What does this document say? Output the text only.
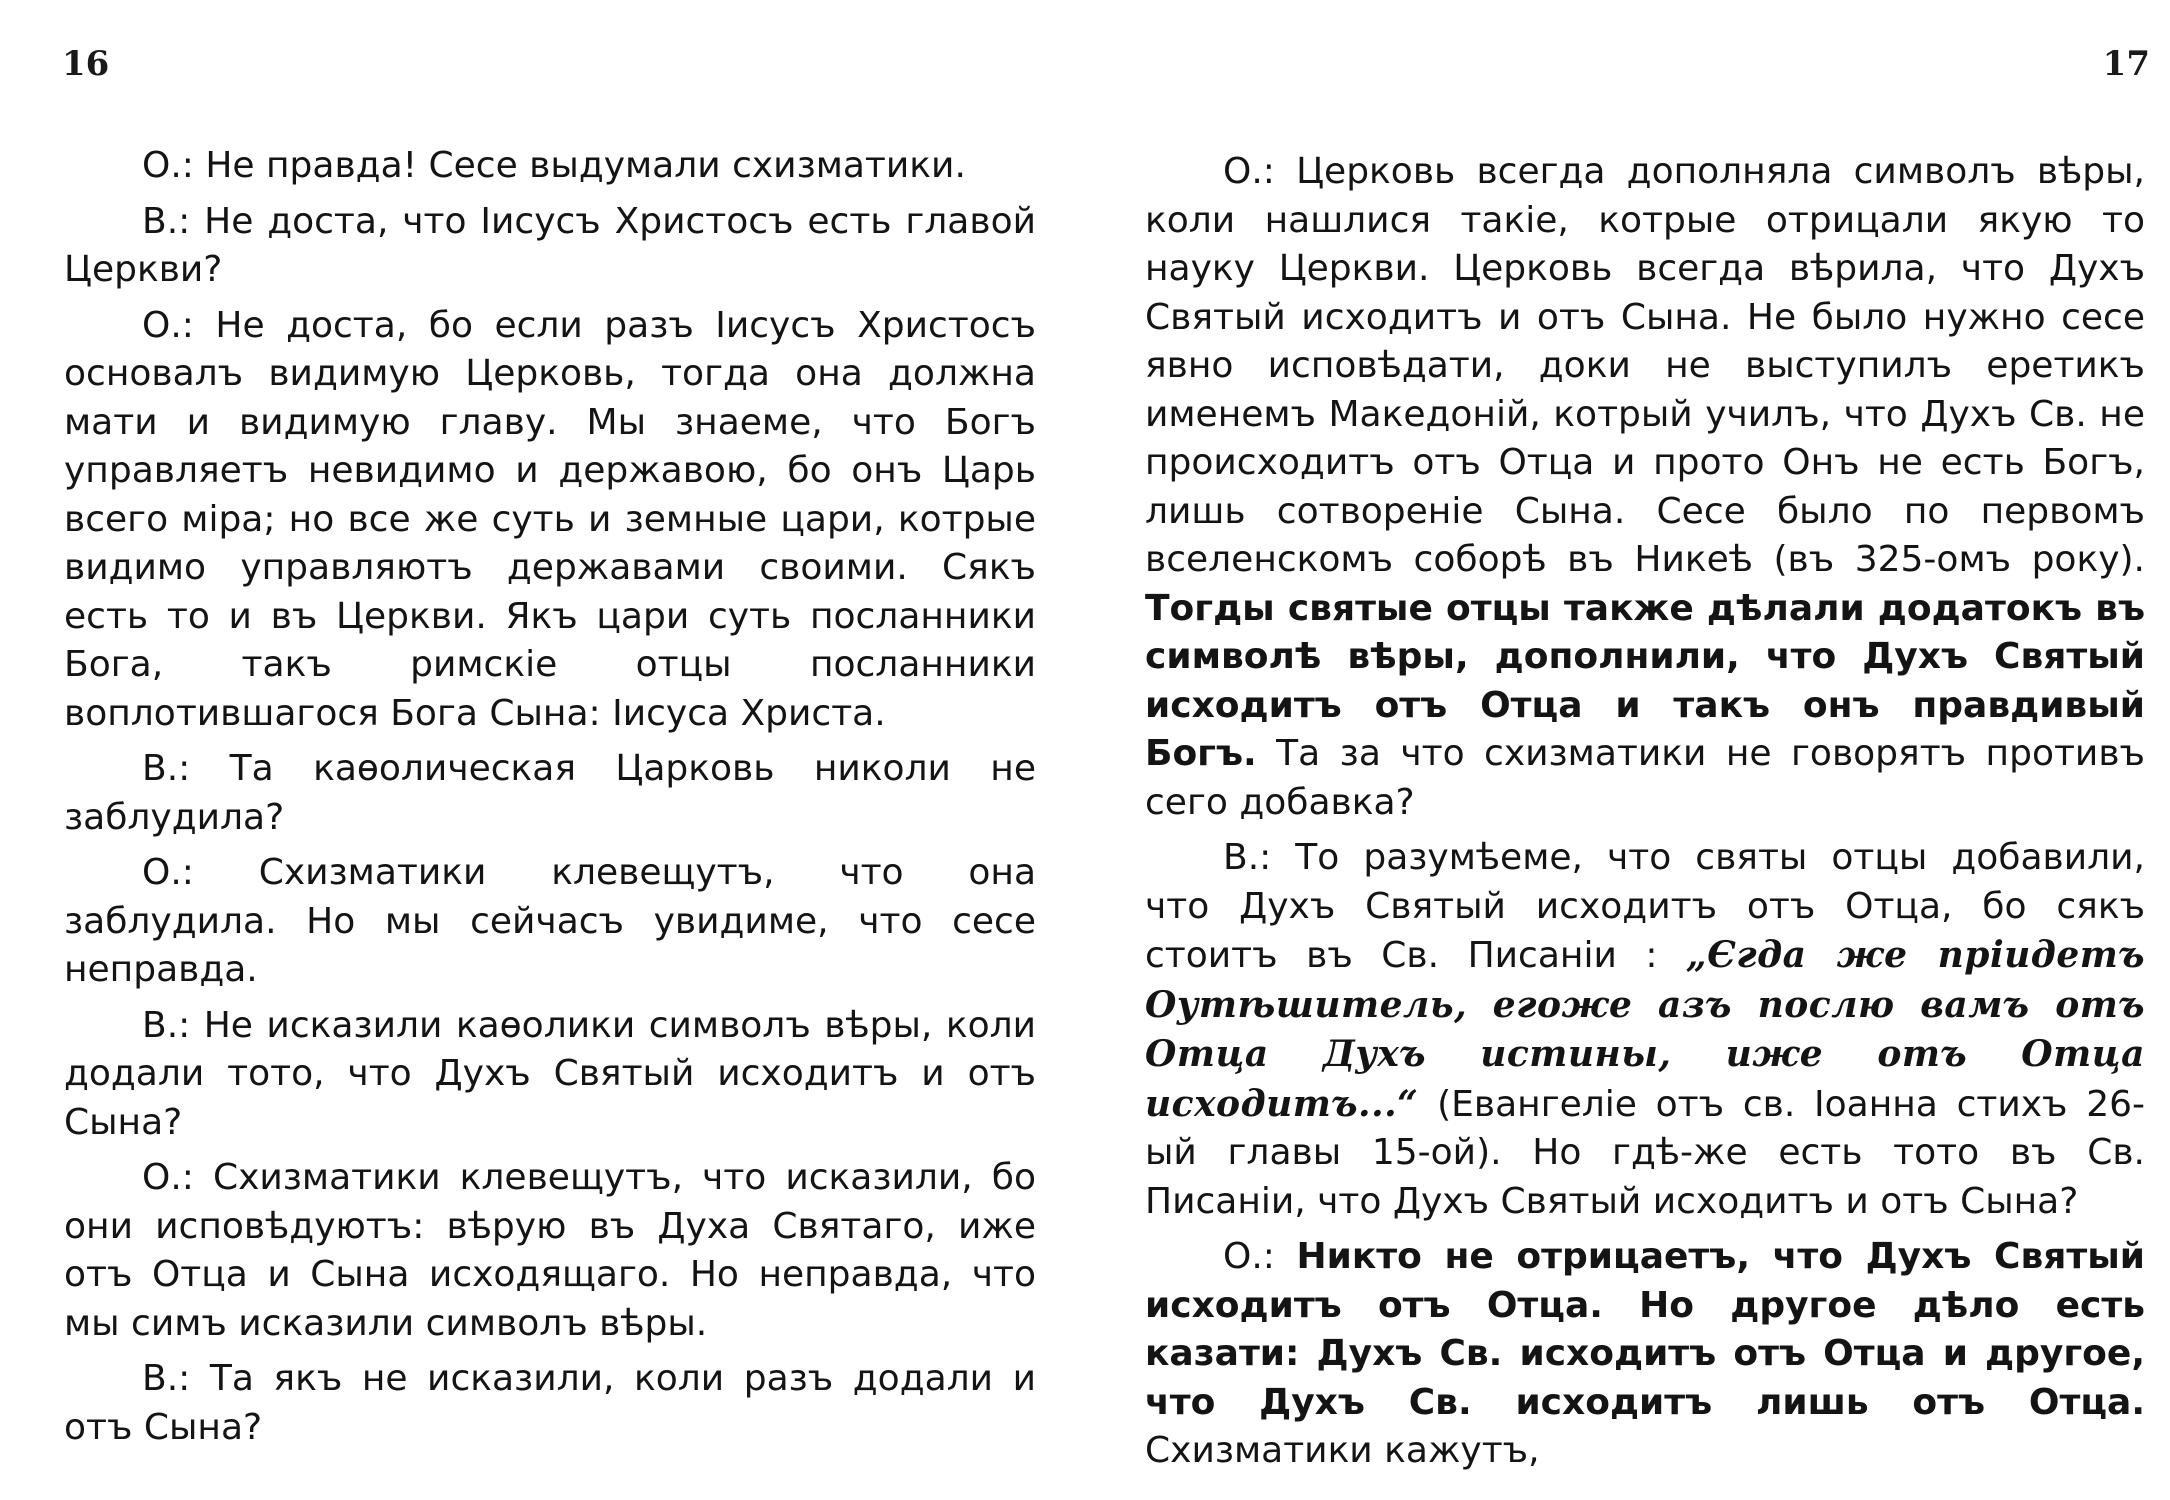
16

О.: Не правда! Сесе выдумали схизматики.

В.: Не доста, что Іисусъ Христосъ есть главой Церкви?

О.: Не доста, бо если разъ Іисусъ Христосъ основалъ видимую Церковь, тогда она должна мати и видимую главу. Мы знаеме, что Богъ управляетъ невидимо и державою, бо онъ Царь всего міра; но все же суть и земные цари, котрые видимо управляютъ державами своими. Сякъ есть то и въ Церкви. Якъ цари суть посланники Бога, такъ римскіе отцы посланники воплотившагося Бога Сына: Іисуса Христа.

В.: Та каѳолическая Царковь николи не заблудила?

О.: Схизматики клевещутъ, что она заблудила. Но мы сейчасъ увидиме, что сесе неправда.

В.: Не исказили каѳолики символъ вѣры, коли додали тото, что Духъ Святый исходитъ и отъ Сына?

О.: Схизматики клевещутъ, что исказили, бо они исповѣдуютъ: вѣрую въ Духа Святаго, иже отъ Отца и Сына исходящаго. Но неправда, что мы симъ исказили символъ вѣры.

В.: Та якъ не исказили, коли разъ додали и отъ Сына?

17

О.: Церковь всегда дополняла символъ вѣры, коли нашлися такіе, котрые отрицали якую то науку Церкви. Церковь всегда вѣрила, что Духъ Святый исходитъ и отъ Сына. Не было нужно сесе явно исповѣдати, доки не выступилъ еретикъ именемъ Македоній, котрый училъ, что Духъ Св. не происходитъ отъ Отца и прото Онъ не есть Богъ, лишь сотвореніе Сына. Сесе было по первомъ вселенскомъ соборѣ въ Никеѣ (въ 325-омъ року). Тогды святые отцы также дѣлали додатокъ въ символѣ вѣры, дополнили, что Духъ Святый исходитъ отъ Отца и такъ онъ правдивый Богъ. Та за что схизматики не говорятъ противъ сего добавка?

В.: То разумѣеме, что святы отцы добавили, что Духъ Святый исходитъ отъ Отца, бо сякъ стоитъ въ Св. Писаніи : „Єгда же пріидетъ Оутѣшитель, егоже азъ послю вамъ отъ Отца Духъ истины, иже отъ Отца исходитъ...“ (Евангеліе отъ св. Іоанна стихъ 26-ый главы 15-ой). Но гдѣ-же есть тото въ Св. Писаніи, что Духъ Святый исходитъ и отъ Сына?

О.: Никто не отрицаетъ, что Духъ Святый исходитъ отъ Отца. Но другое дѣло есть казати: Духъ Св. исходитъ отъ Отца и другое, что Духъ Св. исходитъ лишь отъ Отца. Схизматики кажутъ,
